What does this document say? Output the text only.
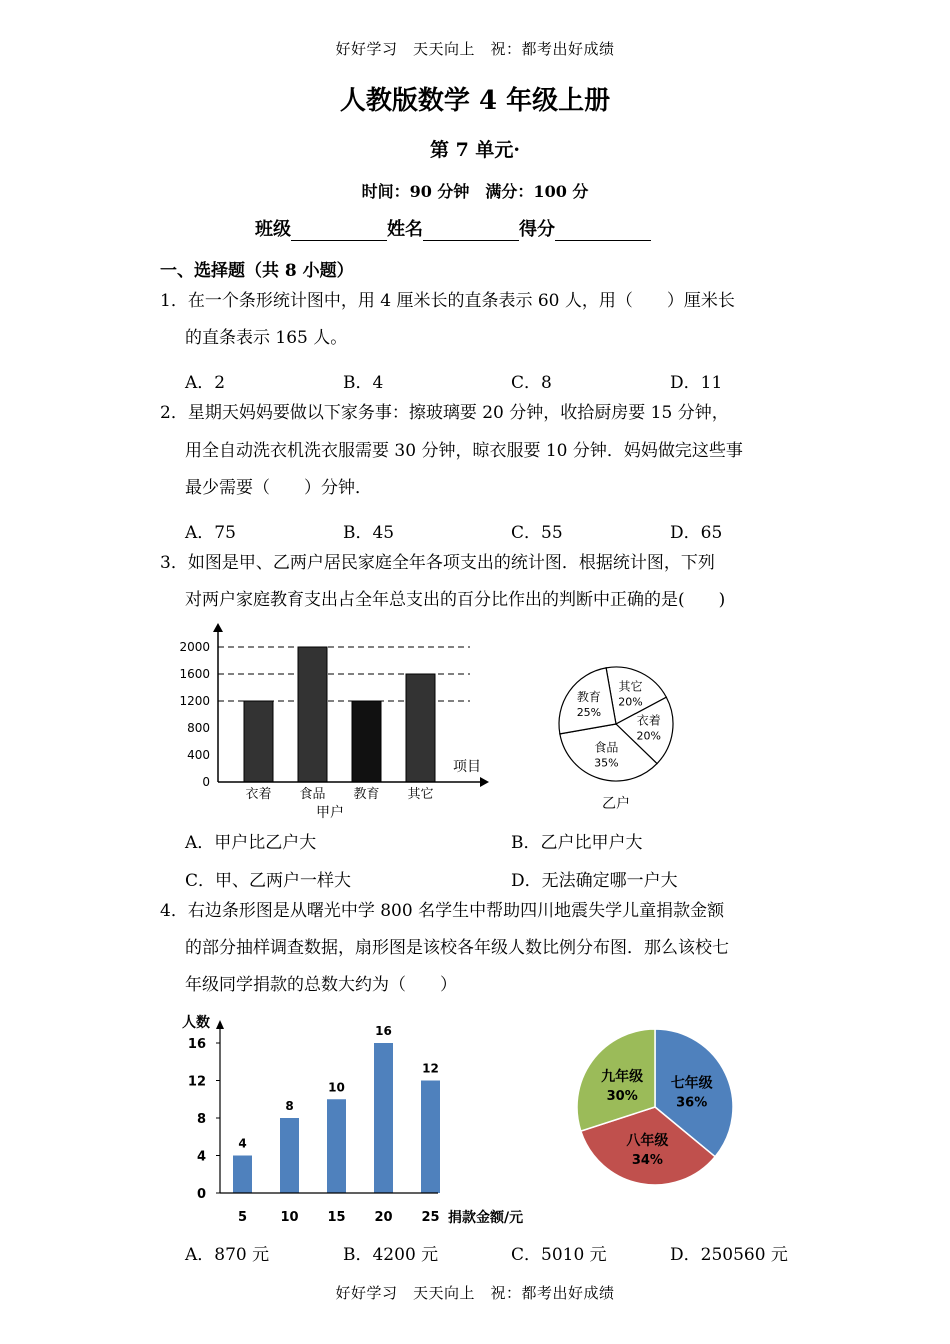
好好学习　天天向上　祝：都考出好成绩
人教版数学 4 年级上册
第 7 单元·
时间：90 分钟　满分：100 分
班级	姓名	得分
一、选择题（共 8 小题）
1．在一个条形统计图中，用 4 厘米长的直条表示 60 人，用（　　）厘米长
的直条表示 165 人。
A．2	B．4	C．8	D．11
2．星期天妈妈要做以下家务事：擦玻璃要 20 分钟，收拾厨房要 15 分钟，
用全自动洗衣机洗衣服需要 30 分钟，晾衣服要 10 分钟．妈妈做完这些事
最少需要（　　）分钟．
A．75	B．45	C．55	D．65
3．如图是甲、乙两户居民家庭全年各项支出的统计图．根据统计图，下列
对两户家庭教育支出占全年总支出的百分比作出的判断中正确的是(　　)
0
400
800
1200
1600
2000
项目
衣着 食品 教育 其它
甲户
其它
20%
衣着
20%
食品
35%
教育
25%
乙户
A．甲户比乙户大	B．乙户比甲户大
C．甲、乙两户一样大	D．无法确定哪一户大
4．右边条形图是从曙光中学 800 名学生中帮助四川地震失学儿童捐款金额
的部分抽样调查数据，扇形图是该校各年级人数比例分布图．那么该校七
年级同学捐款的总数大约为（　　）
人数
0
4
8
12
16
4
8
10
16
12
5	10 15 20 25 捐款金额/元
七年级
36%
八年级
34%
九年级
30%
A．870 元	B．4200 元	C．5010 元	D．250560 元
好好学习　天天向上　祝：都考出好成绩
